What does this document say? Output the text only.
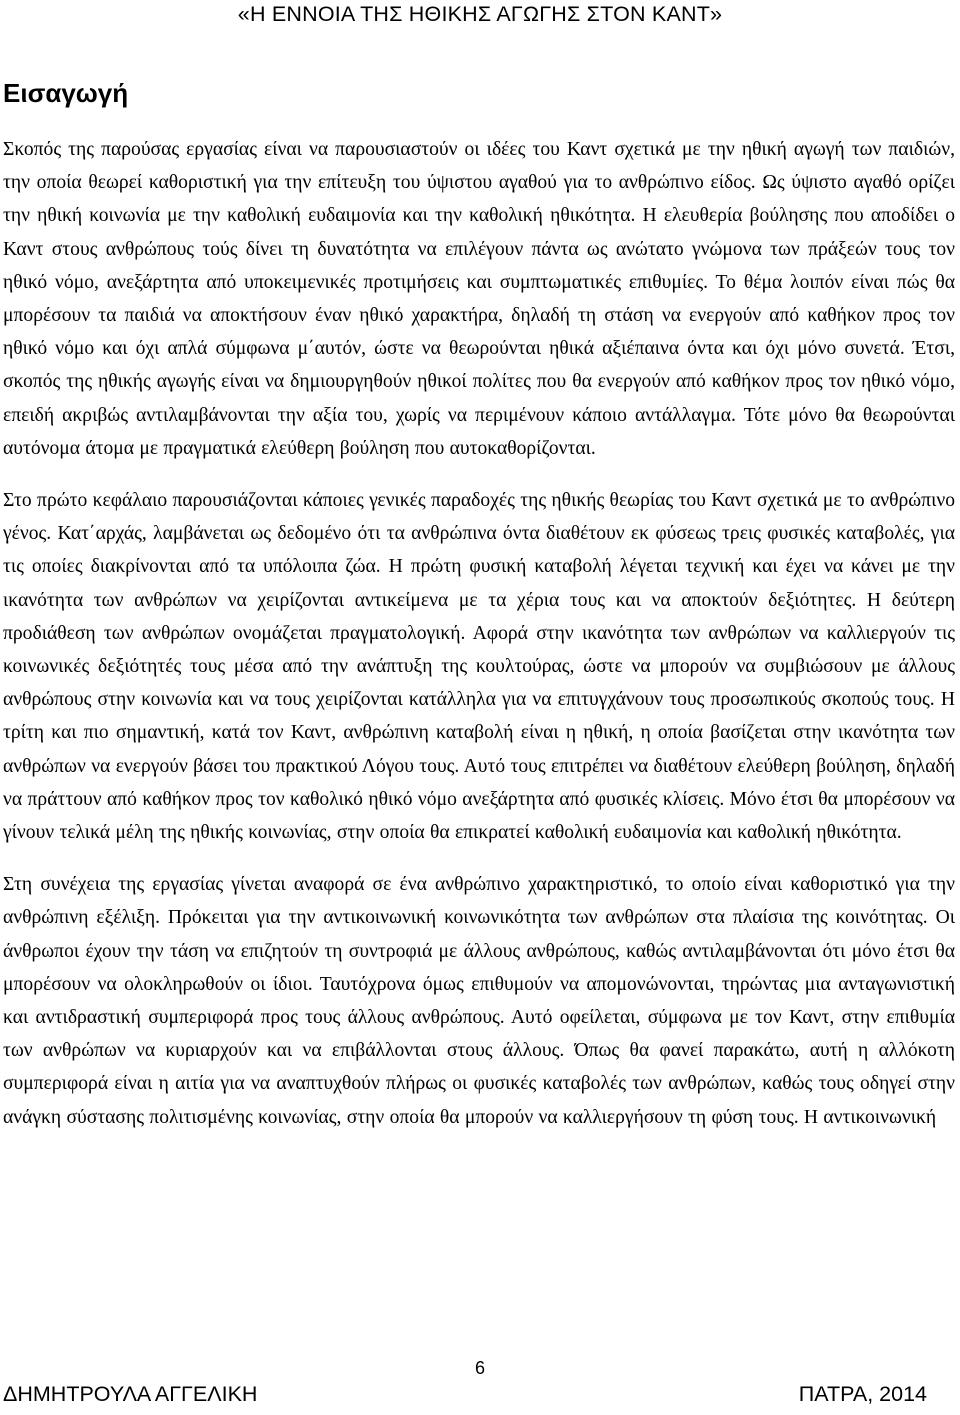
«Η ΕΝΝΟΙΑ ΤΗΣ ΗΘΙΚΗΣ ΑΓΩΓΗΣ ΣΤΟΝ ΚΑΝΤ»
Εισαγωγή

Σκοπός της παρούσας εργασίας είναι να παρουσιαστούν οι ιδέες του Καντ σχετικά με την ηθική αγωγή των παιδιών, την οποία θεωρεί καθοριστική για την επίτευξη του ύψιστου αγαθού για το ανθρώπινο είδος. Ως ύψιστο αγαθό ορίζει την ηθική κοινωνία με την καθολική ευδαιμονία και την καθολική ηθικότητα. Η ελευθερία βούλησης που αποδίδει ο Καντ στους ανθρώπους τούς δίνει τη δυνατότητα να επιλέγουν πάντα ως ανώτατο γνώμονα των πράξεών τους τον ηθικό νόμο, ανεξάρτητα από υποκειμενικές προτιμήσεις και συμπτωματικές επιθυμίες. Το θέμα λοιπόν είναι πώς θα μπορέσουν τα παιδιά να αποκτήσουν έναν ηθικό χαρακτήρα, δηλαδή τη στάση να ενεργούν από καθήκον προς τον ηθικό νόμο και όχι απλά σύμφωνα μ΄αυτόν, ώστε να θεωρούνται ηθικά αξιέπαινα όντα και όχι μόνο συνετά. Έτσι, σκοπός της ηθικής αγωγής είναι να δημιουργηθούν ηθικοί πολίτες που θα ενεργούν από καθήκον προς τον ηθικό νόμο, επειδή ακριβώς αντιλαμβάνονται την αξία του, χωρίς να περιμένουν κάποιο αντάλλαγμα. Τότε μόνο θα θεωρούνται αυτόνομα άτομα με πραγματικά ελεύθερη βούληση που αυτοκαθορίζονται.

Στο πρώτο κεφάλαιο παρουσιάζονται κάποιες γενικές παραδοχές της ηθικής θεωρίας του Καντ σχετικά με το ανθρώπινο γένος. Κατ΄αρχάς, λαμβάνεται ως δεδομένο ότι τα ανθρώπινα όντα διαθέτουν εκ φύσεως τρεις φυσικές καταβολές, για τις οποίες διακρίνονται από τα υπόλοιπα ζώα. Η πρώτη φυσική καταβολή λέγεται τεχνική και έχει να κάνει με την ικανότητα των ανθρώπων να χειρίζονται αντικείμενα με τα χέρια τους και να αποκτούν δεξιότητες. Η δεύτερη προδιάθεση των ανθρώπων ονομάζεται πραγματολογική. Αφορά στην ικανότητα των ανθρώπων να καλλιεργούν τις κοινωνικές δεξιότητές τους μέσα από την ανάπτυξη της κουλτούρας, ώστε να μπορούν να συμβιώσουν με άλλους ανθρώπους στην κοινωνία και να τους χειρίζονται κατάλληλα για να επιτυγχάνουν τους προσωπικούς σκοπούς τους. Η τρίτη και πιο σημαντική, κατά τον Καντ, ανθρώπινη καταβολή είναι η ηθική, η οποία βασίζεται στην ικανότητα των ανθρώπων να ενεργούν βάσει του πρακτικού Λόγου τους. Αυτό τους επιτρέπει να διαθέτουν ελεύθερη βούληση, δηλαδή να πράττουν από καθήκον προς τον καθολικό ηθικό νόμο ανεξάρτητα από φυσικές κλίσεις. Μόνο έτσι θα μπορέσουν να γίνουν τελικά μέλη της ηθικής κοινωνίας, στην οποία θα επικρατεί καθολική ευδαιμονία και καθολική ηθικότητα.

Στη συνέχεια της εργασίας γίνεται αναφορά σε ένα ανθρώπινο χαρακτηριστικό, το οποίο είναι καθοριστικό για την ανθρώπινη εξέλιξη. Πρόκειται για την αντικοινωνική κοινωνικότητα των ανθρώπων στα πλαίσια της κοινότητας. Οι άνθρωποι έχουν την τάση να επιζητούν τη συντροφιά με άλλους ανθρώπους, καθώς αντιλαμβάνονται ότι μόνο έτσι θα μπορέσουν να ολοκληρωθούν οι ίδιοι. Ταυτόχρονα όμως επιθυμούν να απομονώνονται, τηρώντας μια ανταγωνιστική και αντιδραστική συμπεριφορά προς τους άλλους ανθρώπους. Αυτό οφείλεται, σύμφωνα με τον Καντ, στην επιθυμία των ανθρώπων να κυριαρχούν και να επιβάλλονται στους άλλους. Όπως θα φανεί παρακάτω, αυτή η αλλόκοτη συμπεριφορά είναι η αιτία για να αναπτυχθούν πλήρως οι φυσικές καταβολές των ανθρώπων, καθώς τους οδηγεί στην ανάγκη σύστασης πολιτισμένης κοινωνίας, στην οποία θα μπορούν να καλλιεργήσουν τη φύση τους. Η αντικοινωνική

6
ΔΗΜΗΤΡΟΥΛΑ ΑΓΓΕΛΙΚΗ	ΠΑΤΡΑ, 2014
